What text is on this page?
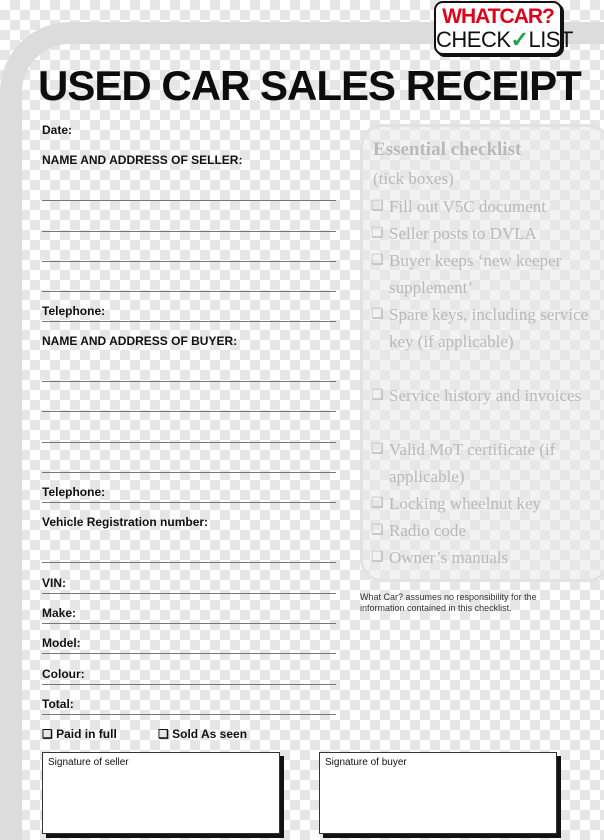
WHATCAR?
CHECK✓LIST
USED CAR SALES RECEIPT
Date:
NAME AND ADDRESS OF SELLER:
Telephone:
NAME AND ADDRESS OF BUYER:
Telephone:
Vehicle Registration number:
VIN:
Make:
Model:
Colour:
Total:
❑ Paid in full	❑ Sold As seen
Essential checklist
(tick boxes)
❑ Fill out V5C document
❑ Seller posts to DVLA
❑ Buyer keeps ‘new keeper supplement’
❑ Spare keys, including service key (if applicable)
❑ Service history and invoices
❑ Valid MoT certificate (if applicable)
❑ Locking wheelnut key
❑ Radio code
❑ Owner’s manuals
What Car? assumes no responsibility for the information contained in this checklist.
Signature of seller	Signature of buyer
